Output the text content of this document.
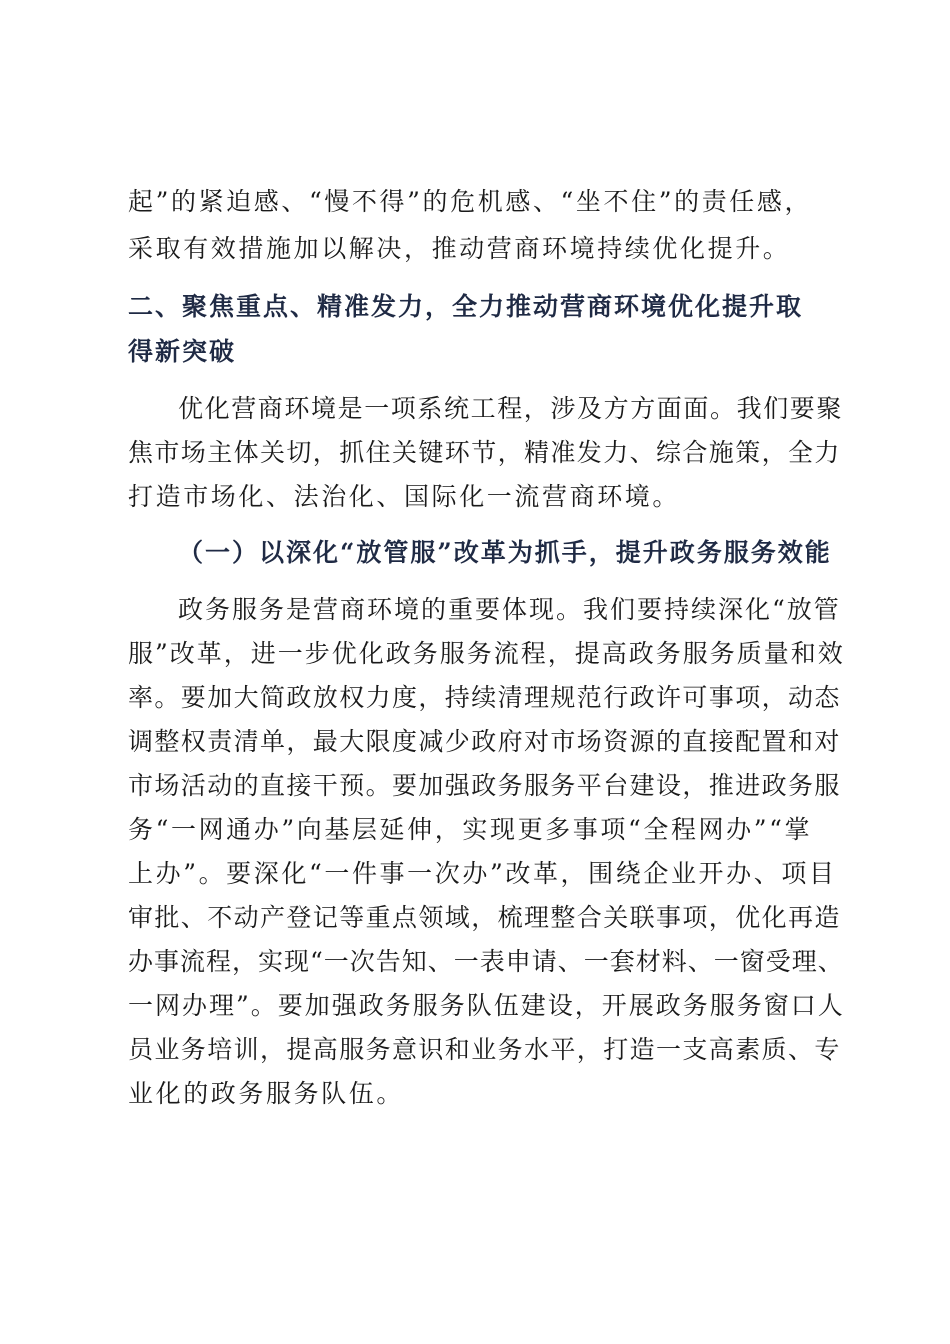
起”的紧迫感、“慢不得”的危机感、“坐不住”的责任感，
采取有效措施加以解决，推动营商环境持续优化提升。
二、聚焦重点、精准发力，全力推动营商环境优化提升取
得新突破
优化营商环境是一项系统工程，涉及方方面面。我们要聚
焦市场主体关切，抓住关键环节，精准发力、综合施策，全力
打造市场化、法治化、国际化一流营商环境。
（一）以深化“放管服”改革为抓手，提升政务服务效能
政务服务是营商环境的重要体现。我们要持续深化“放管
服”改革，进一步优化政务服务流程，提高政务服务质量和效
率。要加大简政放权力度，持续清理规范行政许可事项，动态
调整权责清单，最大限度减少政府对市场资源的直接配置和对
市场活动的直接干预。要加强政务服务平台建设，推进政务服
务“一网通办”向基层延伸，实现更多事项“全程网办”“掌
上办”。要深化“一件事一次办”改革，围绕企业开办、项目
审批、不动产登记等重点领域，梳理整合关联事项，优化再造
办事流程，实现“一次告知、一表申请、一套材料、一窗受理、
一网办理”。要加强政务服务队伍建设，开展政务服务窗口人
员业务培训，提高服务意识和业务水平，打造一支高素质、专
业化的政务服务队伍。
